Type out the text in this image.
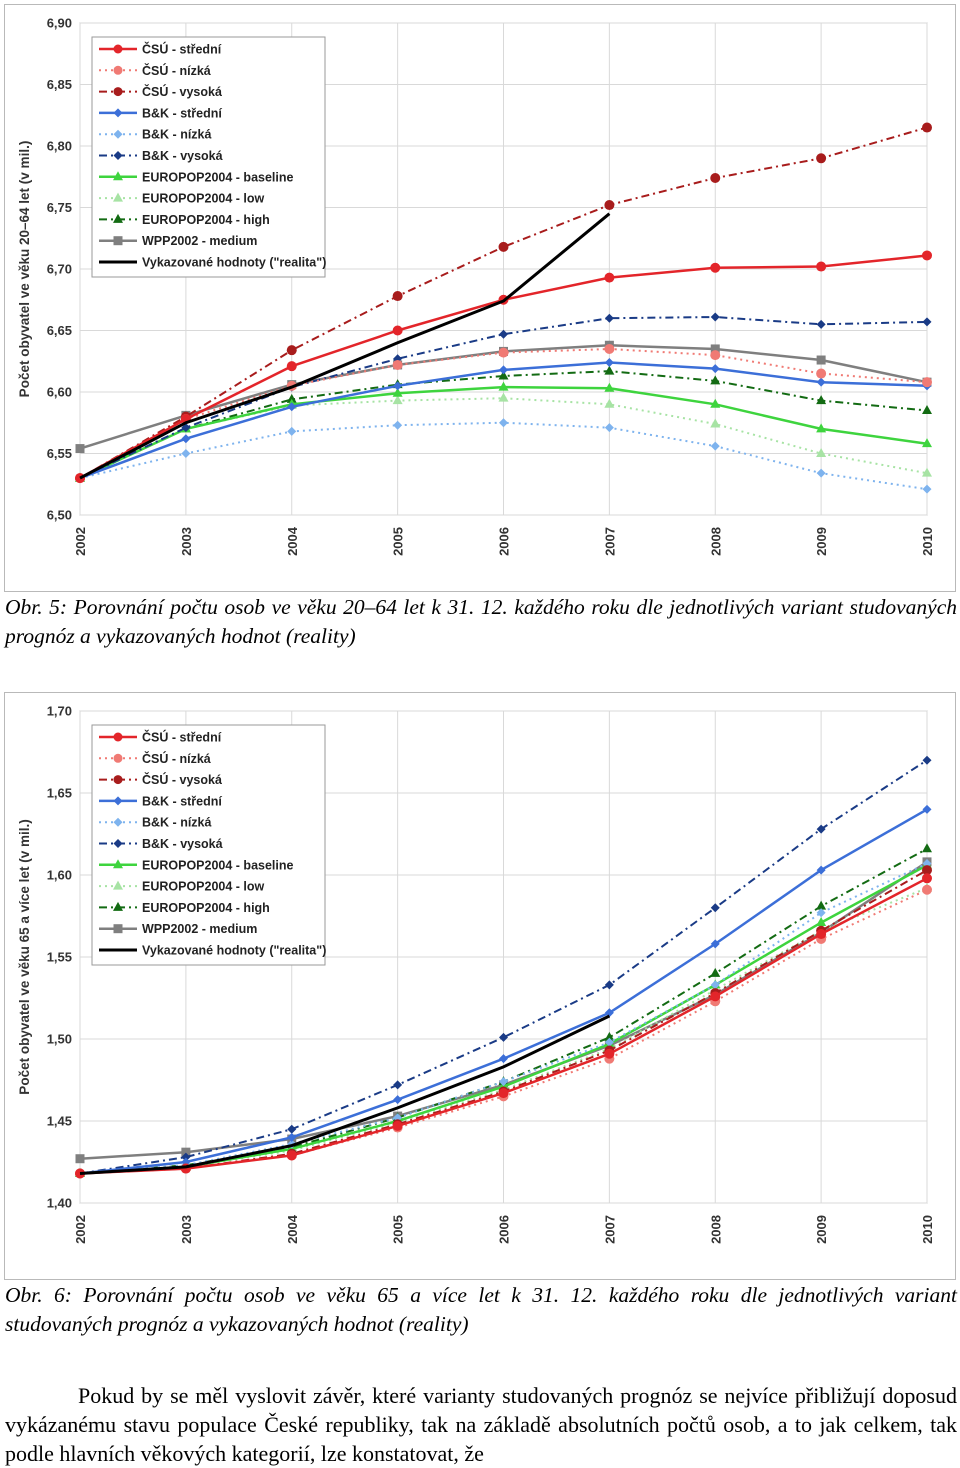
6,50
6,55
6,60
6,65
6,70
6,75
6,80
6,85
6,90
2002	2003	2004	2005	2006	2007	2008	2009	2010
Počet obyvatel ve věku 20–64 let (v mil.)
ČSÚ - střední
ČSÚ - nízká
ČSÚ - vysoká
B&K - střední
B&K - nízká
B&K - vysoká
EUROPOP2004 - baseline
EUROPOP2004 - low
EUROPOP2004 - high
WPP2002 - medium
Vykazované hodnoty ("realita")
Obr. 5: Porovnání počtu osob ve věku 20–64 let k 31. 12. každého roku dle jednotlivých variant studovaných prognóz a vykazovaných hodnot (reality)
1,40
1,45
1,50
1,55
1,60
1,65
1,70
2002	2003	2004	2005	2006	2007	2008	2009	2010
Počet obyvatel ve věku 65 a více let (v mil.)
ČSÚ - střední
ČSÚ - nízká
ČSÚ - vysoká
B&K - střední
B&K - nízká
B&K - vysoká
EUROPOP2004 - baseline
EUROPOP2004 - low
EUROPOP2004 - high
WPP2002 - medium
Vykazované hodnoty ("realita")
Obr. 6: Porovnání počtu osob ve věku 65 a více let k 31. 12. každého roku dle jednotlivých variant studovaných prognóz a vykazovaných hodnot (reality)
Pokud by se měl vyslovit závěr, které varianty studovaných prognóz se nejvíce přibližují doposud vykázanému stavu populace České republiky, tak na základě absolutních počtů osob, a to jak celkem, tak podle hlavních věkových kategorií, lze konstatovat, že
